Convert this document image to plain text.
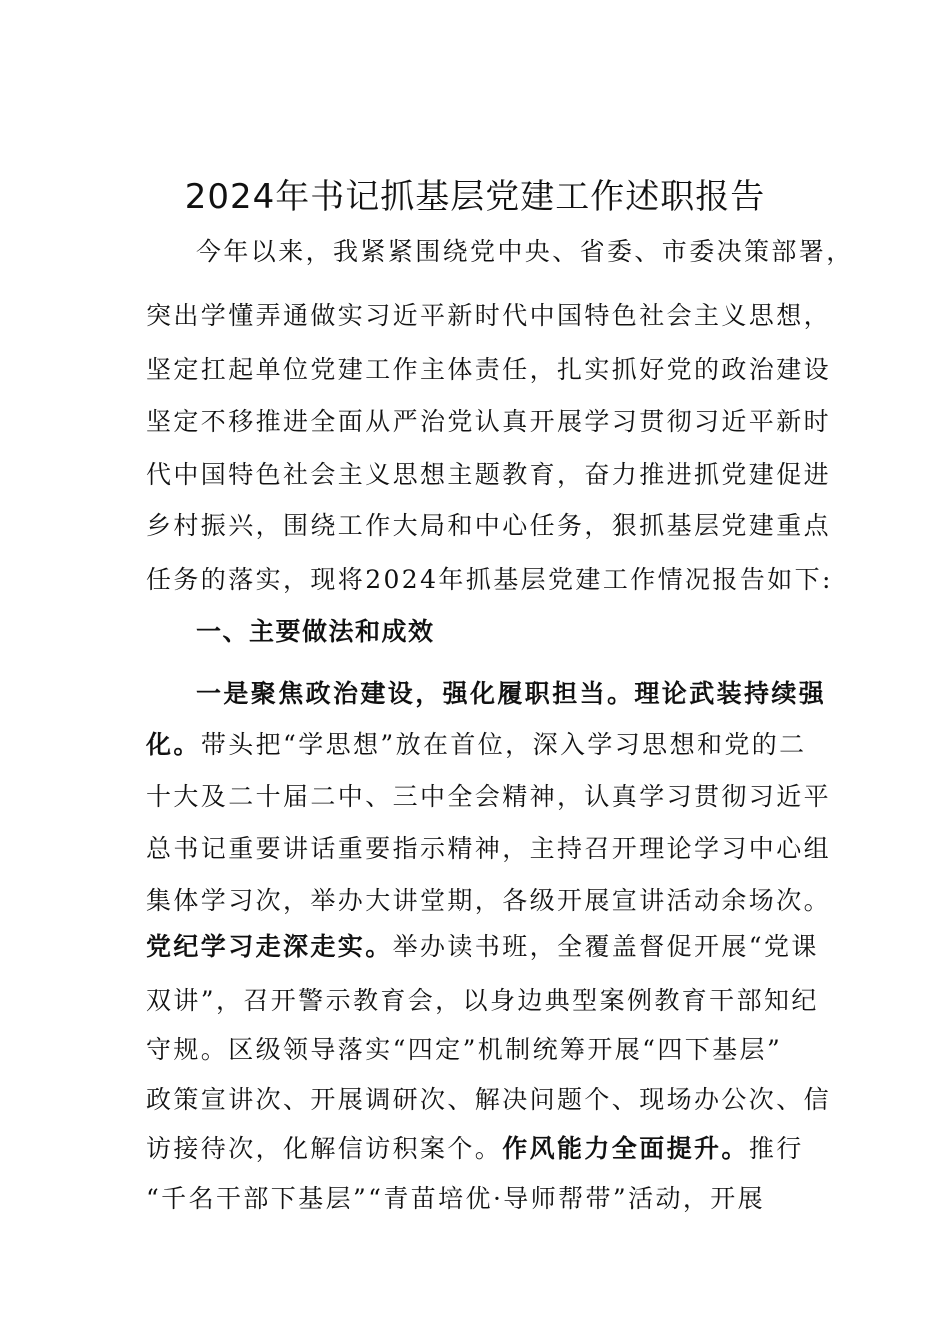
2024年书记抓基层党建工作述职报告
今年以来，我紧紧围绕党中央、省委、市委决策部署，
突出学懂弄通做实习近平新时代中国特色社会主义思想，
坚定扛起单位党建工作主体责任，扎实抓好党的政治建设
坚定不移推进全面从严治党认真开展学习贯彻习近平新时
代中国特色社会主义思想主题教育，奋力推进抓党建促进
乡村振兴，围绕工作大局和中心任务，狠抓基层党建重点
任务的落实，现将2024年抓基层党建工作情况报告如下:
一、主要做法和成效
一是聚焦政治建设，强化履职担当。理论武装持续强
化。带头把“学思想”放在首位，深入学习思想和党的二
十大及二十届二中、三中全会精神，认真学习贯彻习近平
总书记重要讲话重要指示精神，主持召开理论学习中心组
集体学习次，举办大讲堂期，各级开展宣讲活动余场次。
党纪学习走深走实。举办读书班，全覆盖督促开展“党课
双讲”，召开警示教育会，以身边典型案例教育干部知纪
守规。区级领导落实“四定”机制统筹开展“四下基层”
政策宣讲次、开展调研次、解决问题个、现场办公次、信
访接待次，化解信访积案个。作风能力全面提升。推行
“千名干部下基层”“青苗培优·导师帮带”活动，开展
